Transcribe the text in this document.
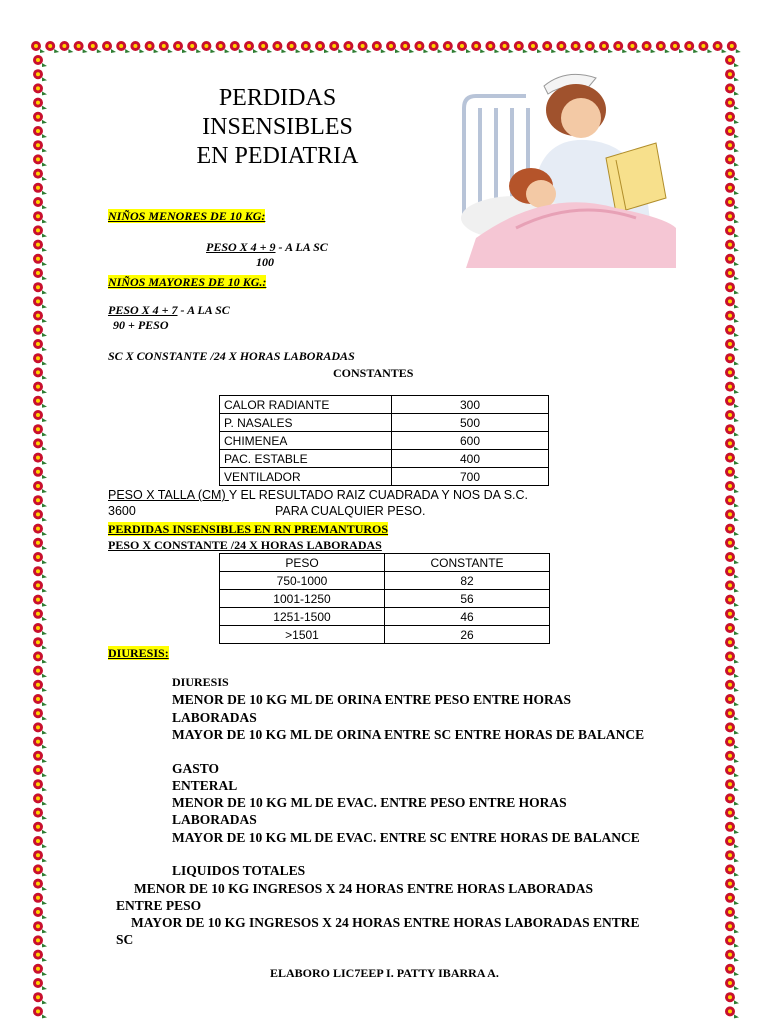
PERDIDAS
INSENSIBLES
EN PEDIATRIA
NIÑOS MENORES DE 10 KG:
PESO X 4 + 9 - A LA SC
100
NIÑOS MAYORES DE 10 KG.:
PESO X 4 + 7 - A LA SC
90 + PESO
SC X CONSTANTE /24 X HORAS LABORADAS
CONSTANTES
CALOR RADIANTE	300
P. NASALES	500
CHIMENEA	600
PAC. ESTABLE	400
VENTILADOR	700
PESO X TALLA (CM) Y EL RESULTADO RAIZ CUADRADA Y NOS DA S.C.
3600	PARA CUALQUIER PESO.
PERDIDAS INSENSIBLES EN RN PREMANTUROS
PESO X CONSTANTE /24 X HORAS LABORADAS
PESO	CONSTANTE
750-1000	82
1001-1250	56
1251-1500	46
>1501	26
DIURESIS:
DIURESIS
MENOR DE 10 KG ML DE ORINA ENTRE PESO ENTRE HORAS
LABORADAS
MAYOR DE 10 KG ML DE ORINA ENTRE SC ENTRE HORAS DE BALANCE
GASTO
ENTERAL
MENOR DE 10 KG ML DE EVAC. ENTRE PESO ENTRE HORAS
LABORADAS
MAYOR DE 10 KG ML DE EVAC. ENTRE SC ENTRE HORAS DE BALANCE
LIQUIDOS TOTALES
MENOR DE 10 KG INGRESOS X 24 HORAS ENTRE HORAS LABORADAS
ENTRE PESO
MAYOR DE 10 KG INGRESOS X 24 HORAS ENTRE HORAS LABORADAS ENTRE
SC
ELABORO LIC7EEP I. PATTY IBARRA A.
